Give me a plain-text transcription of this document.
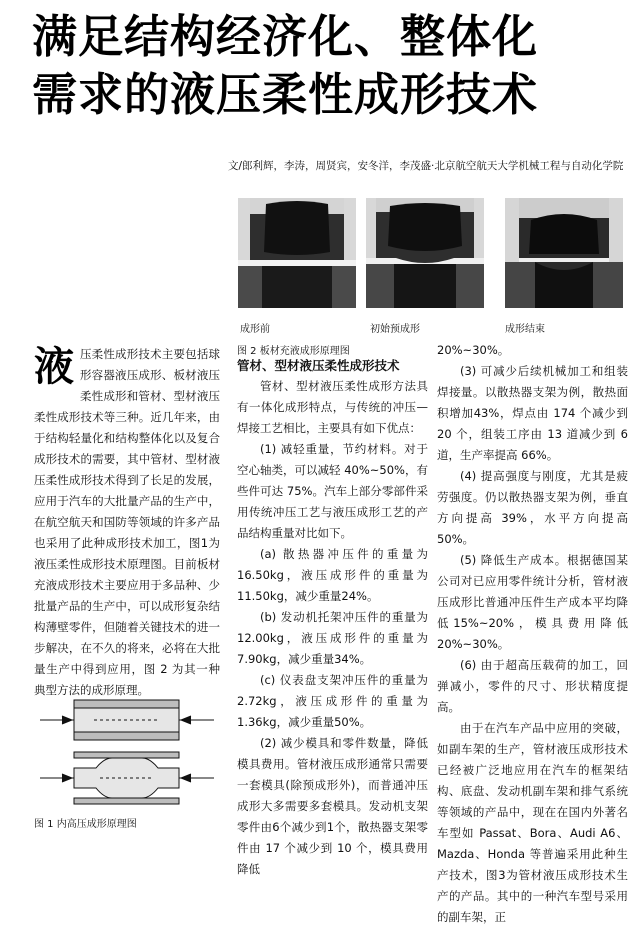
满足结构经济化、整体化
需求的液压柔性成形技术
文/郎利辉，李涛，周贤宾，安冬洋，李茂盛·北京航空航天大学机械工程与自动化学院
成形前	初始预成形	成形结束
图 2 板材充液成形原理图

液压柔性成形技术主要包括球形容器液压成形、板材液压柔性成形和管材、型材液压柔性成形技术等三种。近几年来，由于结构轻量化和结构整体化以及复合成形技术的需要，其中管材、型材液压柔性成形技术得到了长足的发展，应用于汽车的大批量产品的生产中，在航空航天和国防等领域的许多产品也采用了此种成形技术加工，图1为液压柔性成形技术原理图。目前板材充液成形技术主要应用于多品种、少批量产品的生产中，可以成形复杂结构薄壁零件，但随着关键技术的进一步解决，在不久的将来，必将在大批量生产中得到应用，图 2 为其一种典型方法的成形原理。

图 1 内高压成形原理图

管材、型材液压柔性成形技术

管材、型材液压柔性成形方法具有一体化成形特点，与传统的冲压—焊接工艺相比，主要具有如下优点：

(1) 减轻重量，节约材料。对于空心轴类，可以减轻 40%~50%，有些件可达 75%。汽车上部分零部件采用传统冲压工艺与液压成形工艺的产品结构重量对比如下。

(a) 散热器冲压件的重量为16.50kg，液压成形件的重量为11.50kg，减少重量24%。

(b) 发动机托架冲压件的重量为12.00kg，液压成形件的重量为7.90kg，减少重量34%。

(c) 仪表盘支架冲压件的重量为2.72kg，液压成形件的重量为1.36kg，减少重量50%。

(2) 减少模具和零件数量，降低模具费用。管材液压成形通常只需要一套模具(除预成形外)，而普通冲压成形大多需要多套模具。发动机支架零件由6个减少到1个，散热器支架零件由 17 个减少到 10 个，模具费用降低

20%~30%。

(3) 可减少后续机械加工和组装焊接量。以散热器支架为例，散热面积增加43%，焊点由 174 个减少到 20 个，组装工序由 13 道减少到 6 道，生产率提高 66%。

(4) 提高强度与刚度，尤其是疲劳强度。仍以散热器支架为例，垂直方向提高 39%，水平方向提高 50%。

(5) 降低生产成本。根据德国某公司对已应用零件统计分析，管材液压成形比普通冲压件生产成本平均降低15%~20%，模具费用降低 20%~30%。

(6) 由于超高压载荷的加工，回弹减小，零件的尺寸、形状精度提高。

由于在汽车产品中应用的突破，如副车架的生产，管材液压成形技术已经被广泛地应用在汽车的框架结构、底盘、发动机副车架和排气系统等领域的产品中，现在在国内外著名车型如 Passat、Bora、Audi A6、Mazda、Honda 等普遍采用此种生产技术，图3为管材液压成形技术生产的产品。其中的一种汽车型号采用的副车架，正
